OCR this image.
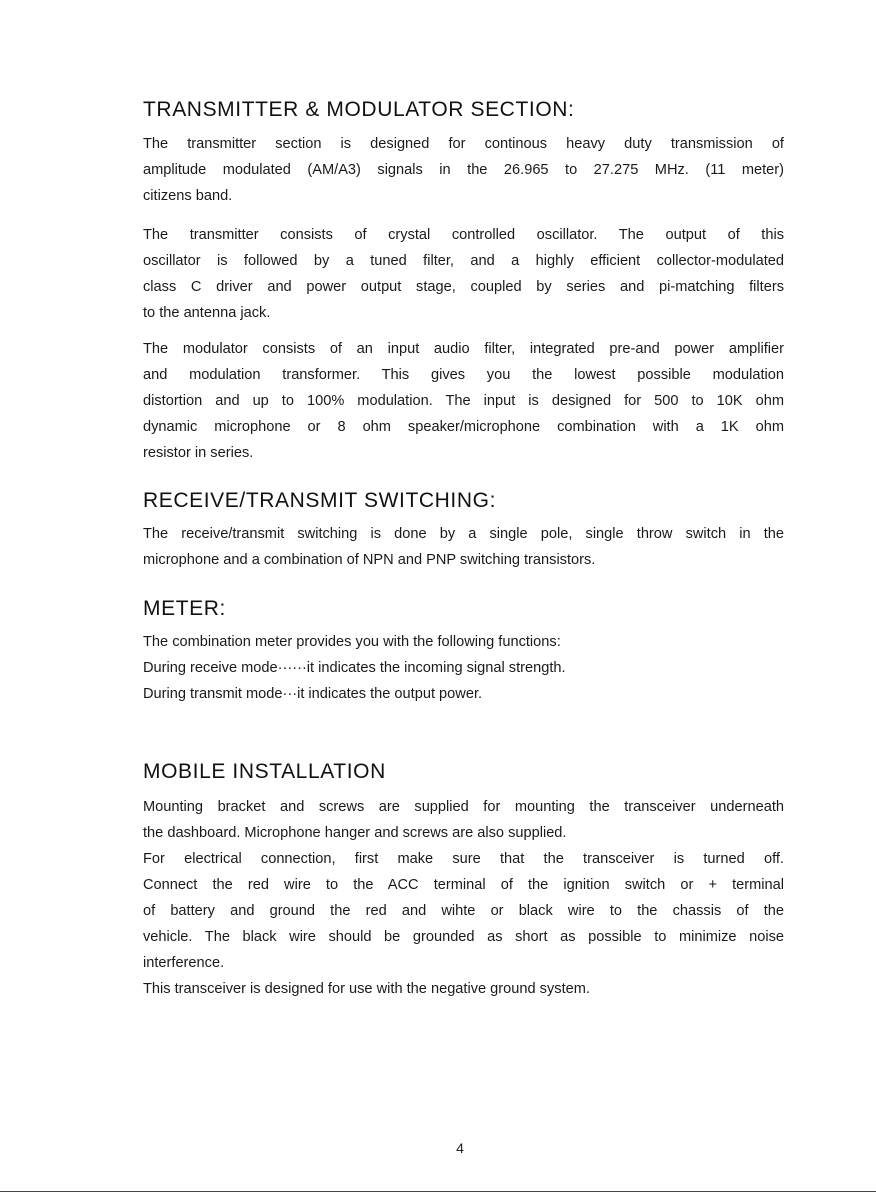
TRANSMITTER & MODULATOR SECTION:
The transmitter section is designed for continous heavy duty transmission of
amplitude modulated (AM/A3) signals in the 26.965 to 27.275 MHz. (11 meter)
citizens band.
The transmitter consists of crystal controlled oscillator. The output of this
oscillator is followed by a tuned filter, and a highly efficient collector-modulated
class C driver and power output stage, coupled by series and pi-matching filters
to the antenna jack.
The modulator consists of an input audio filter, integrated pre-and power amplifier
and modulation transformer. This gives you the lowest possible modulation
distortion and up to 100% modulation. The input is designed for 500 to 10K ohm
dynamic microphone or 8 ohm speaker/microphone combination with a 1K ohm
resistor in series.
RECEIVE/TRANSMIT SWITCHING:
The receive/transmit switching is done by a single pole, single throw switch in the
microphone and a combination of NPN and PNP switching transistors.
METER:
The combination meter provides you with the following functions:
During receive mode······it indicates the incoming signal strength.
During transmit mode···it indicates the output power.
MOBILE INSTALLATION
Mounting bracket and screws are supplied for mounting the transceiver underneath
the dashboard. Microphone hanger and screws are also supplied.
For electrical connection, first make sure that the transceiver is turned off.
Connect the red wire to the ACC terminal of the ignition switch or + terminal
of battery and ground the red and wihte or black wire to the chassis of the
vehicle. The black wire should be grounded as short as possible to minimize noise
interference.
This transceiver is designed for use with the negative ground system.
4
